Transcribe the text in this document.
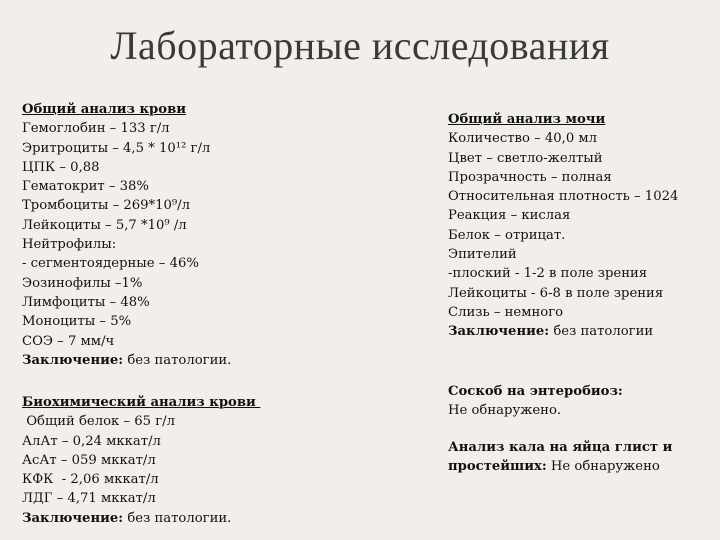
Лабораторные исследования
Общий анализ крови
Гемоглобин – 133 г/л
Эритроциты – 4,5 * 10¹² г/л
ЦПК – 0,88
Гематокрит – 38%
Тромбоциты – 269*10⁹/л
Лейкоциты – 5,7 *10⁹ /л
Нейтрофилы:
- сегментоядерные – 46%
Эозинофилы –1%
Лимфоциты – 48%
Моноциты – 5%
СОЭ – 7 мм/ч
Заключение: без патологии.
Биохимический анализ крови
Общий белок – 65 г/л
АлАт – 0,24 мккат/л
АсАт – 059 мккат/л
КФК  - 2,06 мккат/л
ЛДГ – 4,71 мккат/л
Заключение: без патологии.
Общий анализ мочи
Количество – 40,0 мл
Цвет – светло-желтый
Прозрачность – полная
Относительная плотность – 1024
Реакция – кислая
Белок – отрицат.
Эпителий
-плоский - 1-2 в поле зрения
Лейкоциты - 6-8 в поле зрения
Слизь – немного
Заключение: без патологии
Соскоб на энтеробиоз:
Не обнаружено.
Анализ кала на яйца глист и
простейших: Не обнаружено
